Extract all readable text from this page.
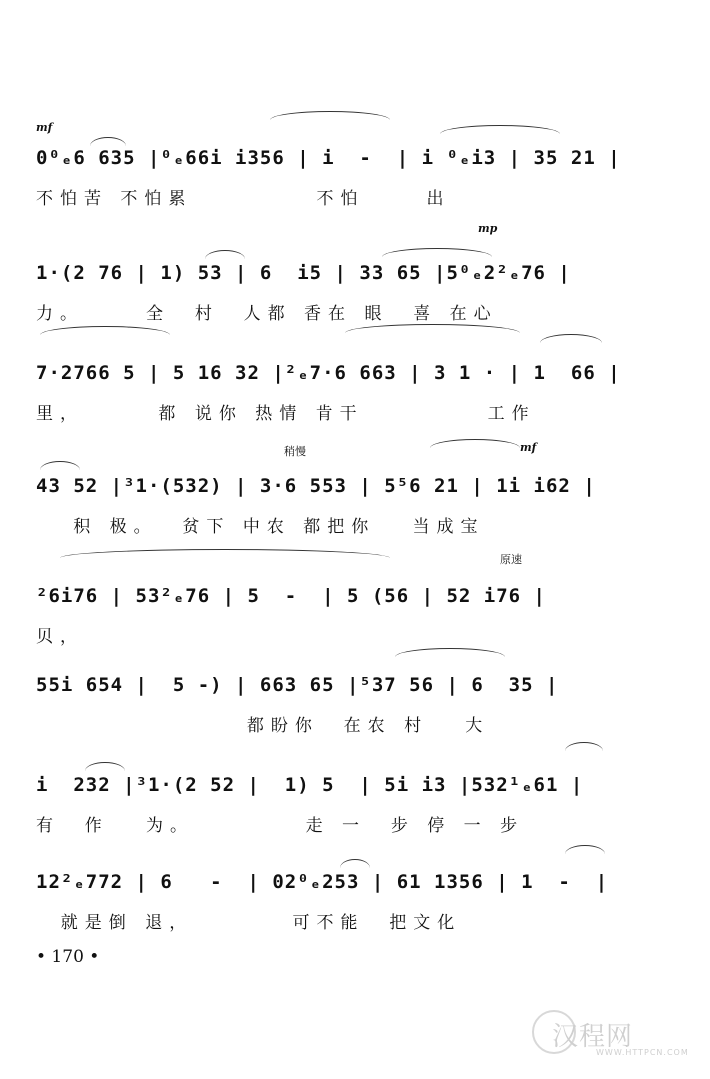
mf
0⁰ₑ6 635 |⁰ₑ66i i356 | i  -  | i ⁰ₑi3 | 35 21 |
不怕苦 不怕累          不怕     出
mp
1·(2 76 | 1) 53 | 6  i5 | 33 65 |5⁰ₑ2²ₑ76 |
力。     全  村  人都 香在 眼  喜 在心
7·2766 5 | 5 16 32 |²ₑ7·6 663 | 3 1 · | 1  66 |
里，      都 说你 热情 肯干          工作
稍慢	mf
43 52 |³1·(532) | 3·6 553 | 5⁵6 21 | 1i i62 |
积 极。  贫下 中农 都把你   当成宝
原速
²6i76 | 53²ₑ76 | 5  -  | 5 (56 | 52 i76 |
贝，
55i 654 |  5 -) | 663 65 |⁵37 56 | 6  35 |
都盼你  在农 村   大
i  232 |³1·(2 52 |  1) 5  | 5i i3 |532¹ₑ61 |
有  作   为。         走 一  步 停 一 步
12²ₑ772 | 6   -  | 02⁰ₑ253 | 61 1356 | 1  -  |
就是倒 退，        可不能  把文化
• 170 •
汉程网
WWW.HTTPCN.COM
